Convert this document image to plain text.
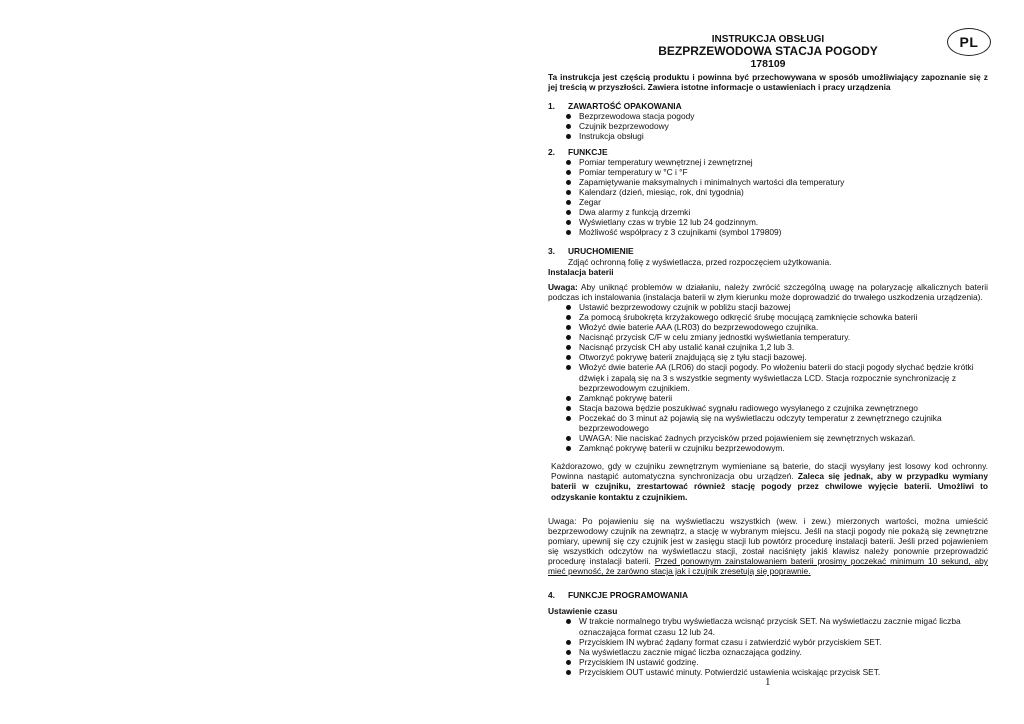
PL
INSTRUKCJA OBSŁUGI
BEZPRZEWODOWA STACJA POGODY
178109
Ta instrukcja jest częścią produktu i powinna być przechowywana w sposób umożliwiający zapoznanie się z jej treścią w przyszłości. Zawiera istotne informacje o ustawieniach i pracy urządzenia
1.	ZAWARTOŚĆ OPAKOWANIA
Bezprzewodowa stacja pogody
Czujnik bezprzewodowy
Instrukcja obsługi
2.	FUNKCJE
Pomiar temperatury wewnętrznej i zewnętrznej
Pomiar temperatury w °C i °F
Zapamiętywanie maksymalnych i minimalnych wartości dla temperatury
Kalendarz (dzień, miesiąc, rok, dni tygodnia)
Zegar
Dwa alarmy z funkcją drzemki
Wyświetlany czas w trybie 12 lub 24 godzinnym.
Możliwość współpracy z 3 czujnikami (symbol 179809)
3.	URUCHOMIENIE
Zdjąć ochronną folię z wyświetlacza, przed rozpoczęciem użytkowania.
Instalacja baterii
Uwaga: Aby uniknąć problemów w działaniu, należy zwrócić szczególną uwagę na polaryzację alkalicznych baterii podczas ich instalowania (instalacja baterii w złym kierunku może doprowadzić do trwałego uszkodzenia urządzenia).
Ustawić bezprzewodowy czujnik w pobliżu stacji bazowej
Za pomocą śrubokręta krzyżakowego odkręcić śrubę mocującą zamknięcie schowka baterii
Włożyć dwie baterie AAA (LR03) do bezprzewodowego czujnika.
Nacisnąć przycisk C/F w celu zmiany jednostki wyświetlania temperatury.
Nacisnąć przycisk CH aby ustalić kanał czujnika 1,2 lub 3.
Otworzyć pokrywę baterii znajdującą się z tyłu stacji bazowej.
Włożyć dwie baterie AA (LR06) do stacji pogody. Po włożeniu baterii do stacji pogody słychać będzie krótki dźwięk i zapalą się na 3 s wszystkie segmenty wyświetlacza LCD. Stacja rozpocznie synchronizację z bezprzewodowym czujnikiem.
Zamknąć pokrywę baterii
Stacja bazowa będzie poszukiwać sygnału radiowego wysyłanego z czujnika zewnętrznego
Poczekać do 3 minut aż pojawią się na wyświetlaczu odczyty temperatur z zewnętrznego czujnika bezprzewodowego
UWAGA: Nie naciskać żadnych przycisków przed pojawieniem się zewnętrznych wskazań.
Zamknąć pokrywę baterii w czujniku bezprzewodowym.
Każdorazowo, gdy w czujniku zewnętrznym wymieniane są baterie, do stacji wysyłany jest losowy kod ochronny. Powinna nastąpić automatyczna synchronizacja obu urządzeń. Zaleca się jednak, aby w przypadku wymiany baterii w czujniku, zrestartować również stację pogody przez chwilowe wyjęcie baterii. Umożliwi to odzyskanie kontaktu z czujnikiem.
Uwaga: Po pojawieniu się na wyświetlaczu wszystkich (wew. i zew.) mierzonych wartości, można umieścić bezprzewodowy czujnik na zewnątrz, a stację w wybranym miejscu. Jeśli na stacji pogody nie pokażą się zewnętrzne pomiary, upewnij się czy czujnik jest w zasięgu stacji lub powtórz procedurę instalacji baterii. Jeśli przed pojawieniem się wszystkich odczytów na wyświetlaczu stacji, został naciśnięty jakiś klawisz należy ponownie przeprowadzić procedurę instalacji baterii. Przed ponownym zainstalowaniem baterii prosimy poczekać minimum 10 sekund, aby mieć pewność, że zarówno stacja jak i czujnik zresetują się poprawnie.
4.	FUNKCJE PROGRAMOWANIA
Ustawienie czasu
W trakcie normalnego trybu wyświetlacza wcisnąć przycisk SET. Na wyświetlaczu zacznie migać liczba oznaczająca format czasu 12 lub 24.
Przyciskiem IN wybrać żądany format czasu i zatwierdzić wybór przyciskiem SET.
Na wyświetlaczu zacznie migać liczba oznaczająca godziny.
Przyciskiem IN ustawić godzinę.
Przyciskiem OUT ustawić minuty. Potwierdzić ustawienia wciskając przycisk SET.
1
